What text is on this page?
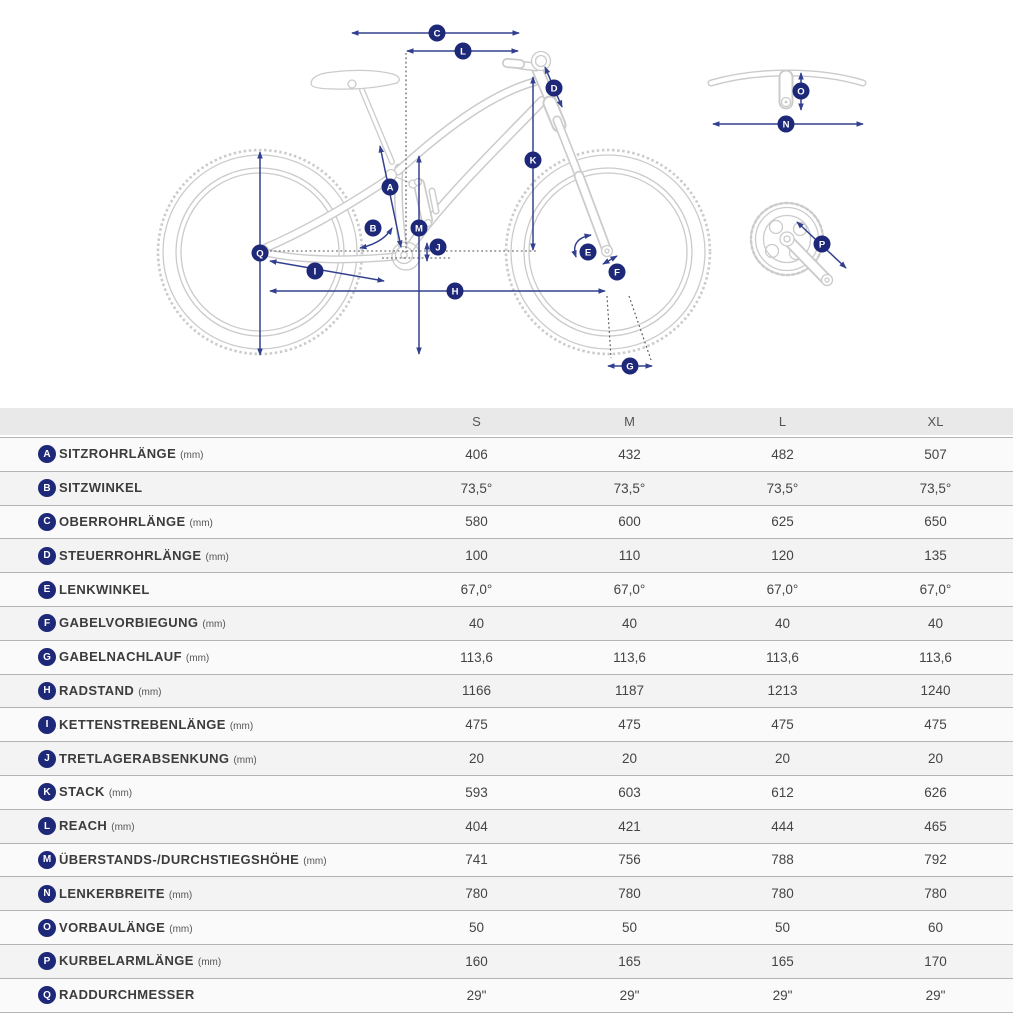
A
B
C
D
E
F
G
H
I
J
K
L
M
N
O
P
Q
S	M	L	XL
A SITZROHRLÄNGE (mm)	406	432	482	507
B SITZWINKEL	73,5°	73,5°	73,5°	73,5°
C OBERROHRLÄNGE (mm)	580	600	625	650
D STEUERROHRLÄNGE (mm)	100	110	120	135
E LENKWINKEL	67,0°	67,0°	67,0°	67,0°
F GABELVORBIEGUNG (mm)	40	40	40	40
G GABELNACHLAUF (mm)	113,6	113,6	113,6	113,6
H RADSTAND (mm)	1166	1187	1213	1240
I KETTENSTREBENLÄNGE (mm)	475	475	475	475
J TRETLAGERABSENKUNG (mm)	20	20	20	20
K STACK (mm)	593	603	612	626
L REACH (mm)	404	421	444	465
M ÜBERSTANDS-/DURCHSTIEGSHÖHE (mm)	741	756	788	792
N LENKERBREITE (mm)	780	780	780	780
O VORBAULÄNGE (mm)	50	50	50	60
P KURBELARMLÄNGE (mm)	160	165	165	170
Q RADDURCHMESSER	29"	29"	29"	29"
